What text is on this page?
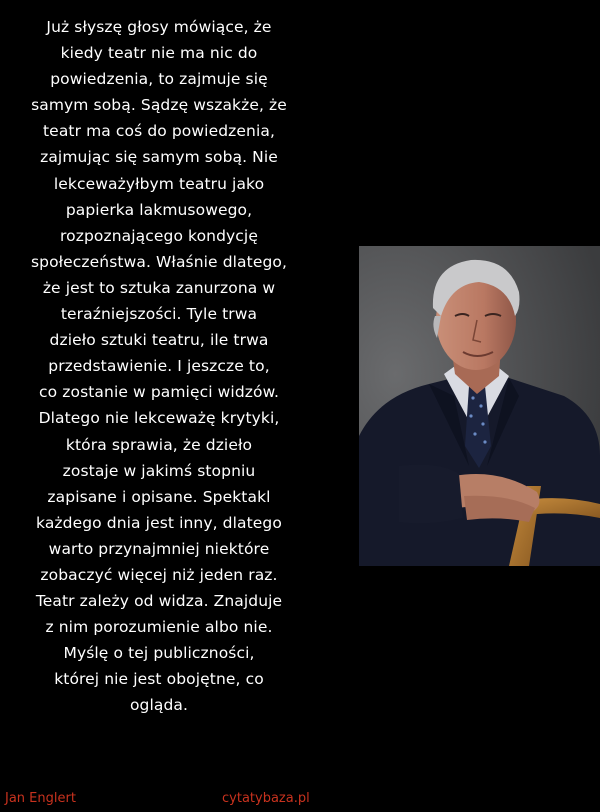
Już słyszę głosy mówiące, że
kiedy teatr nie ma nic do
powiedzenia, to zajmuje się
samym sobą. Sądzę wszakże, że
teatr ma coś do powiedzenia,
zajmując się samym sobą. Nie
lekceważyłbym teatru jako
papierka lakmusowego,
rozpoznającego kondycję
społeczeństwa. Właśnie dlatego,
że jest to sztuka zanurzona w
teraźniejszości. Tyle trwa
dzieło sztuki teatru, ile trwa
przedstawienie. I jeszcze to,
co zostanie w pamięci widzów.
Dlatego nie lekceważę krytyki,
która sprawia, że dzieło
zostaje w jakimś stopniu
zapisane i opisane. Spektakl
każdego dnia jest inny, dlatego
warto przynajmniej niektóre
zobaczyć więcej niż jeden raz.
Teatr zależy od widza. Znajduje
z nim porozumienie albo nie.
Myślę o tej publiczności,
której nie jest obojętne, co
ogląda.
Jan Englert	cytatybaza.pl
